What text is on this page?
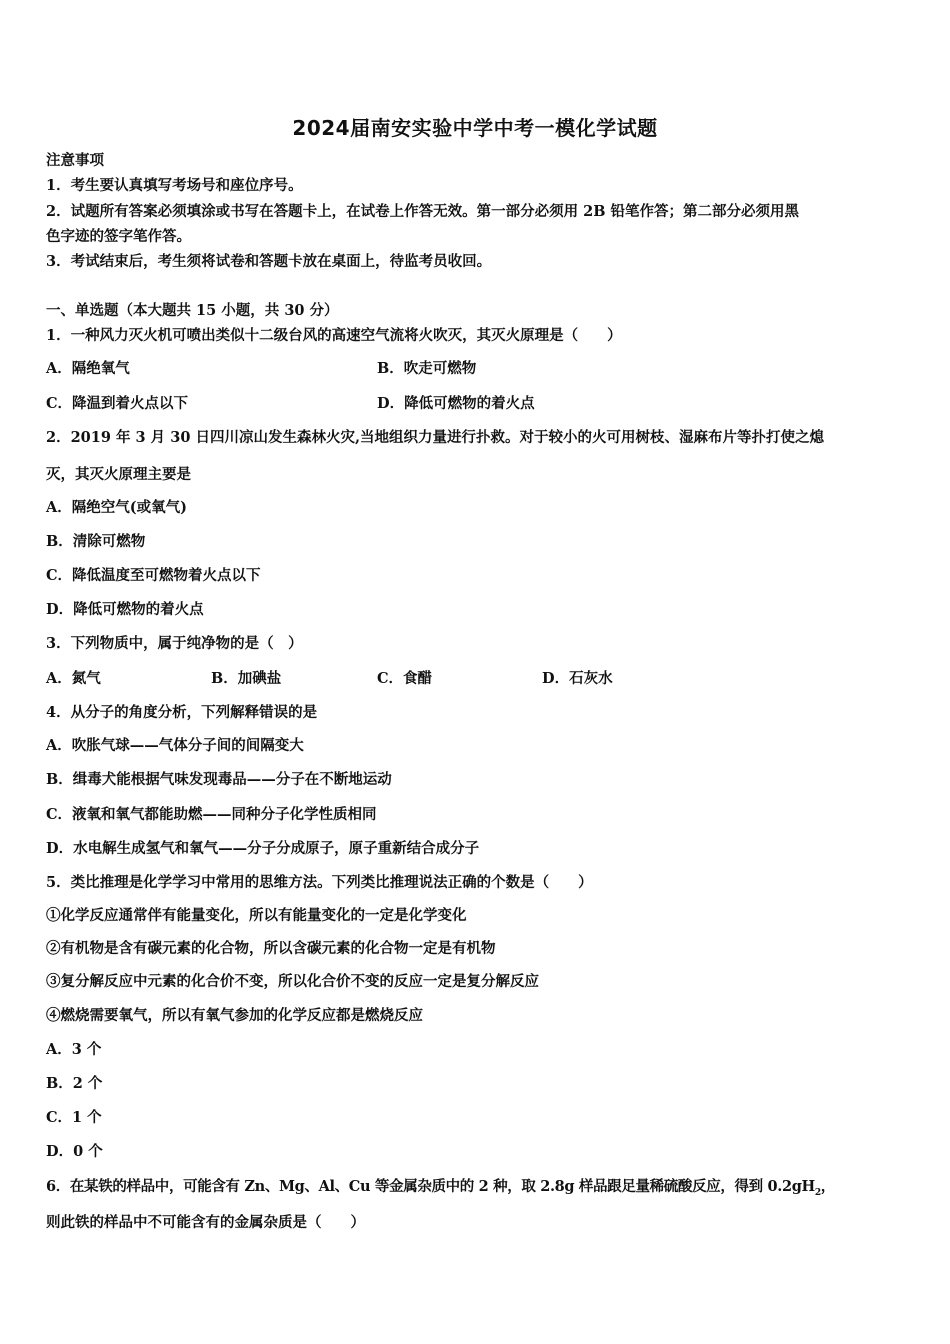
2024届南安实验中学中考一模化学试题
注意事项
1．考生要认真填写考场号和座位序号。
2．试题所有答案必须填涂或书写在答题卡上，在试卷上作答无效。第一部分必须用 2B 铅笔作答；第二部分必须用黑
色字迹的签字笔作答。
3．考试结束后，考生须将试卷和答题卡放在桌面上，待监考员收回。
一、单选题（本大题共 15 小题，共 30 分）
1．一种风力灭火机可喷出类似十二级台风的高速空气流将火吹灭，其灭火原理是（　　）
A．隔绝氧气	B．吹走可燃物
C．降温到着火点以下	D．降低可燃物的着火点
2．2019 年 3 月 30 日四川凉山发生森林火灾,当地组织力量进行扑救。对于较小的火可用树枝、湿麻布片等扑打使之熄
灭，其灭火原理主要是
A．隔绝空气(或氧气)
B．清除可燃物
C．降低温度至可燃物着火点以下
D．降低可燃物的着火点
3．下列物质中，属于纯净物的是（　）
A．氮气	B．加碘盐	C．食醋	D．石灰水
4．从分子的角度分析，下列解释错误的是
A．吹胀气球——气体分子间的间隔变大
B．缉毒犬能根据气味发现毒品——分子在不断地运动
C．液氧和氧气都能助燃——同种分子化学性质相同
D．水电解生成氢气和氧气——分子分成原子，原子重新结合成分子
5．类比推理是化学学习中常用的思维方法。下列类比推理说法正确的个数是（　　）
①化学反应通常伴有能量变化，所以有能量变化的一定是化学变化
②有机物是含有碳元素的化合物，所以含碳元素的化合物一定是有机物
③复分解反应中元素的化合价不变，所以化合价不变的反应一定是复分解反应
④燃烧需要氧气，所以有氧气参加的化学反应都是燃烧反应
A．3 个
B．2 个
C．1 个
D．0 个
6．在某铁的样品中，可能含有 Zn、Mg、Al、Cu 等金属杂质中的 2 种，取 2.8g 样品跟足量稀硫酸反应，得到 $0.2gH_2$，
则此铁的样品中不可能含有的金属杂质是（　　）
